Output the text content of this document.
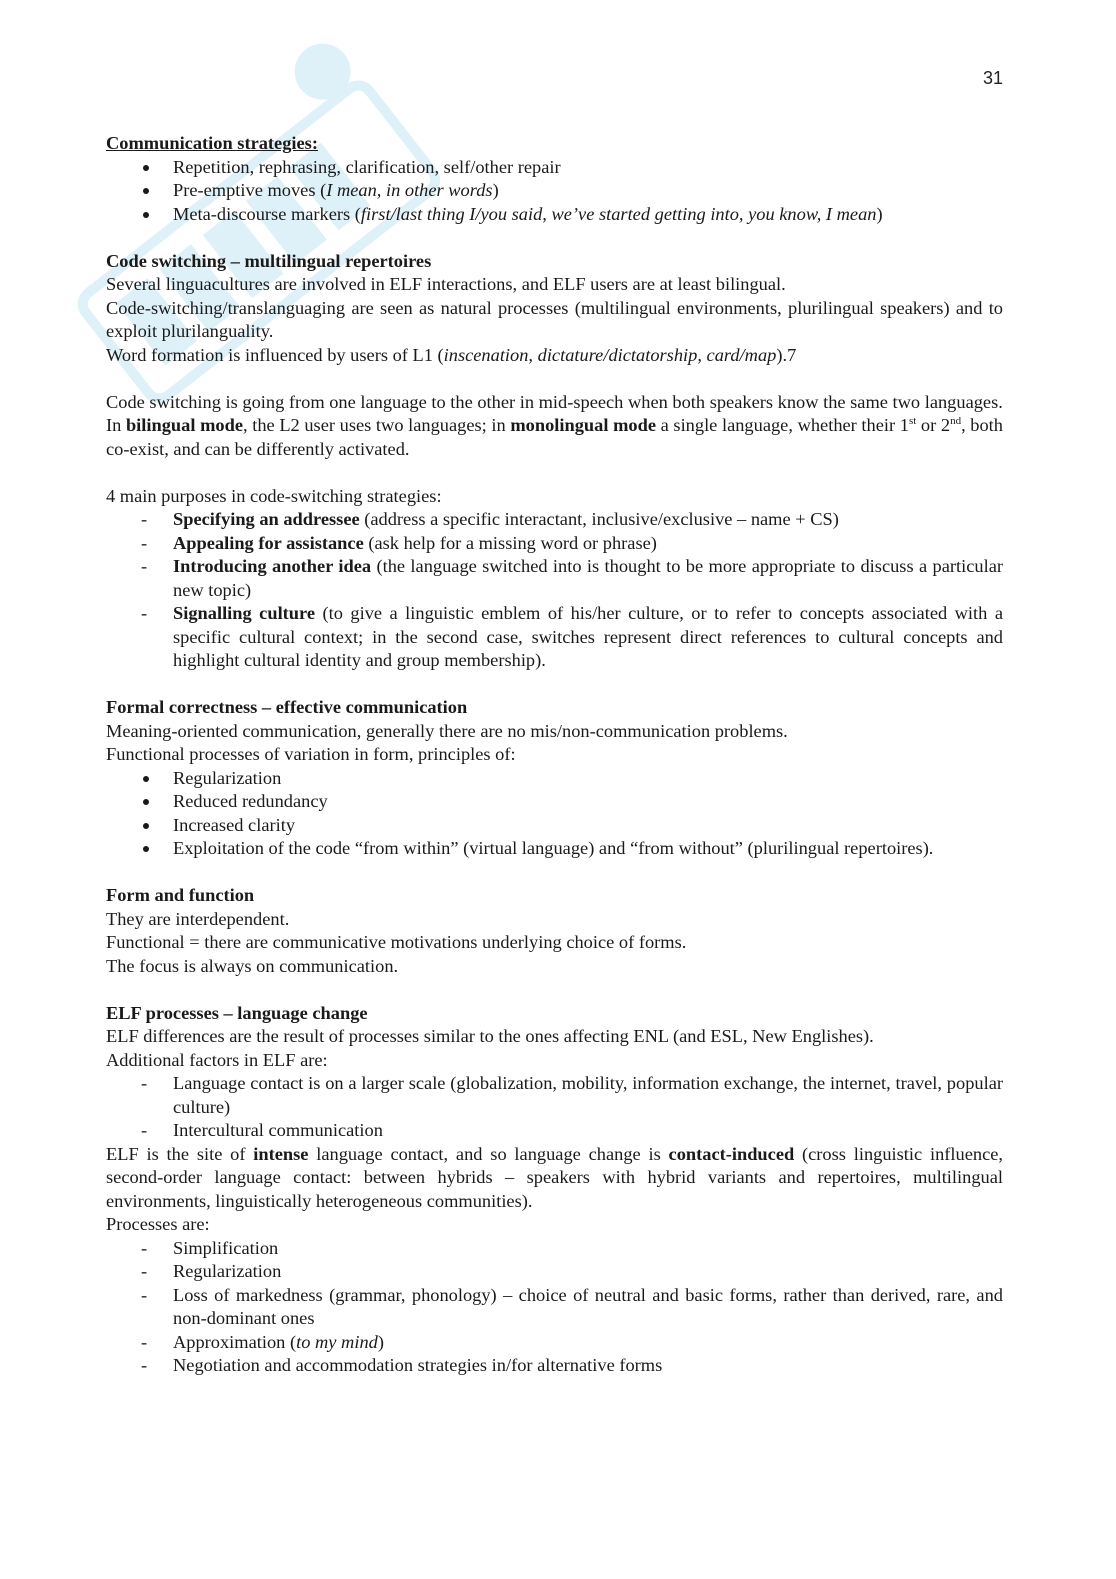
31

Communication strategies:

Repetition, rephrasing, clarification, self/other repair
Pre-emptive moves (I mean, in other words)
Meta-discourse markers (first/last thing I/you said, we’ve started getting into, you know, I mean)

Code switching – multilingual repertoires

Several linguacultures are involved in ELF interactions, and ELF users are at least bilingual.

Code-switching/translanguaging are seen as natural processes (multilingual environments, plurilingual speakers) and to exploit plurilanguality.

Word formation is influenced by users of L1 (inscenation, dictature/dictatorship, card/map).7

Code switching is going from one language to the other in mid-speech when both speakers know the same two languages.

In bilingual mode, the L2 user uses two languages; in monolingual mode a single language, whether their 1st or 2nd, both co-exist, and can be differently activated.

4 main purposes in code-switching strategies:

- Specifying an addressee (address a specific interactant, inclusive/exclusive – name + CS)
- Appealing for assistance (ask help for a missing word or phrase)
- Introducing another idea (the language switched into is thought to be more appropriate to discuss a particular new topic)
- Signalling culture (to give a linguistic emblem of his/her culture, or to refer to concepts associated with a specific cultural context; in the second case, switches represent direct references to cultural concepts and highlight cultural identity and group membership).

Formal correctness – effective communication

Meaning-oriented communication, generally there are no mis/non-communication problems.

Functional processes of variation in form, principles of:

Regularization
Reduced redundancy
Increased clarity
Exploitation of the code “from within” (virtual language) and “from without” (plurilingual repertoires).

Form and function

They are interdependent.

Functional = there are communicative motivations underlying choice of forms.

The focus is always on communication.

ELF processes – language change

ELF differences are the result of processes similar to the ones affecting ENL (and ESL, New Englishes).

Additional factors in ELF are:

- Language contact is on a larger scale (globalization, mobility, information exchange, the internet, travel, popular culture)
- Intercultural communication

ELF is the site of intense language contact, and so language change is contact-induced (cross linguistic influence, second-order language contact: between hybrids – speakers with hybrid variants and repertoires, multilingual environments, linguistically heterogeneous communities).

Processes are:

- Simplification
- Regularization
- Loss of markedness (grammar, phonology) – choice of neutral and basic forms, rather than derived, rare, and non-dominant ones
- Approximation (to my mind)
- Negotiation and accommodation strategies in/for alternative forms
